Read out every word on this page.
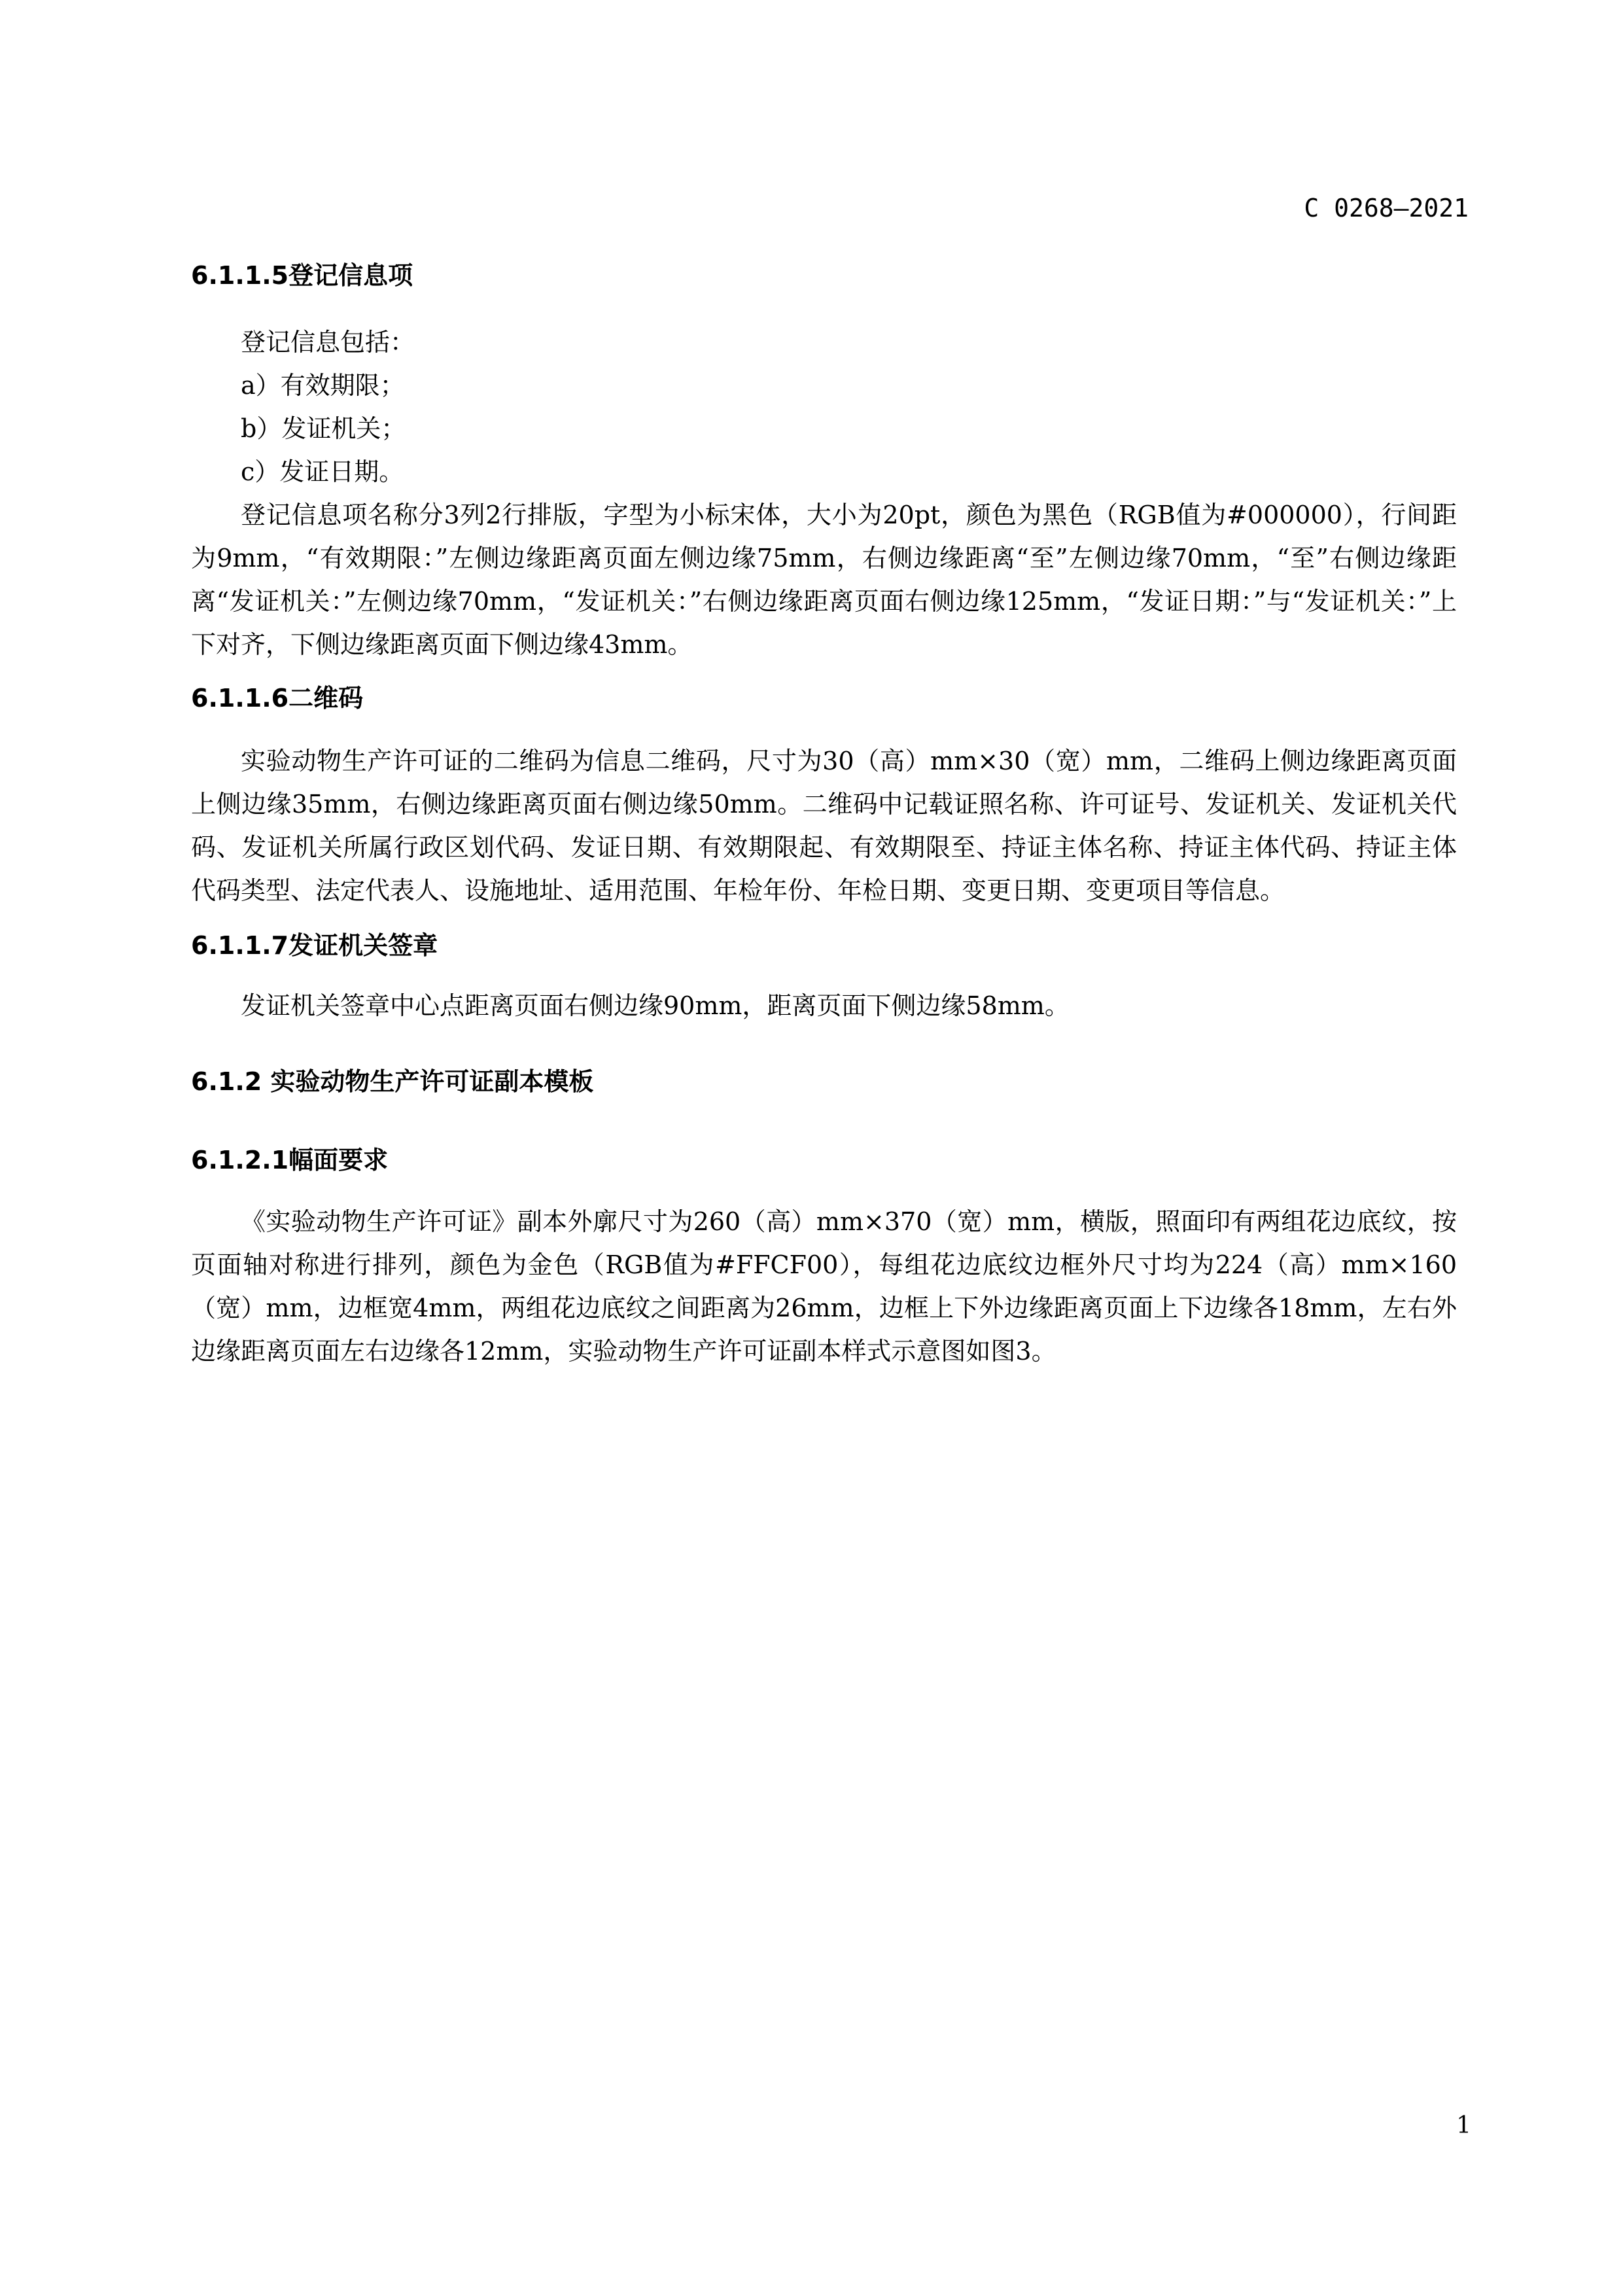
C 0268—2021
6.1.1.5登记信息项

登记信息包括：

a）有效期限；

b）发证机关；

c）发证日期。

登记信息项名称分3列2行排版，字型为小标宋体，大小为20pt，颜色为黑色（RGB值为#000000），行间距为9mm，“有效期限：”左侧边缘距离页面左侧边缘75mm，右侧边缘距离“至”左侧边缘70mm，“至”右侧边缘距离“发证机关：”左侧边缘70mm，“发证机关：”右侧边缘距离页面右侧边缘125mm，“发证日期：”与“发证机关：”上下对齐，下侧边缘距离页面下侧边缘43mm。

6.1.1.6二维码

实验动物生产许可证的二维码为信息二维码，尺寸为30（高）mm×30（宽）mm，二维码上侧边缘距离页面上侧边缘35mm，右侧边缘距离页面右侧边缘50mm。二维码中记载证照名称、许可证号、发证机关、发证机关代码、发证机关所属行政区划代码、发证日期、有效期限起、有效期限至、持证主体名称、持证主体代码、持证主体代码类型、法定代表人、设施地址、适用范围、年检年份、年检日期、变更日期、变更项目等信息。

6.1.1.7发证机关签章

发证机关签章中心点距离页面右侧边缘90mm，距离页面下侧边缘58mm。

6.1.2 实验动物生产许可证副本模板
6.1.2.1幅面要求

《实验动物生产许可证》副本外廓尺寸为260（高）mm×370（宽）mm，横版，照面印有两组花边底纹，按页面轴对称进行排列，颜色为金色（RGB值为#FFCF00），每组花边底纹边框外尺寸均为224（高）mm×160（宽）mm，边框宽4mm，两组花边底纹之间距离为26mm，边框上下外边缘距离页面上下边缘各18mm，左右外边缘距离页面左右边缘各12mm，实验动物生产许可证副本样式示意图如图3。

1
